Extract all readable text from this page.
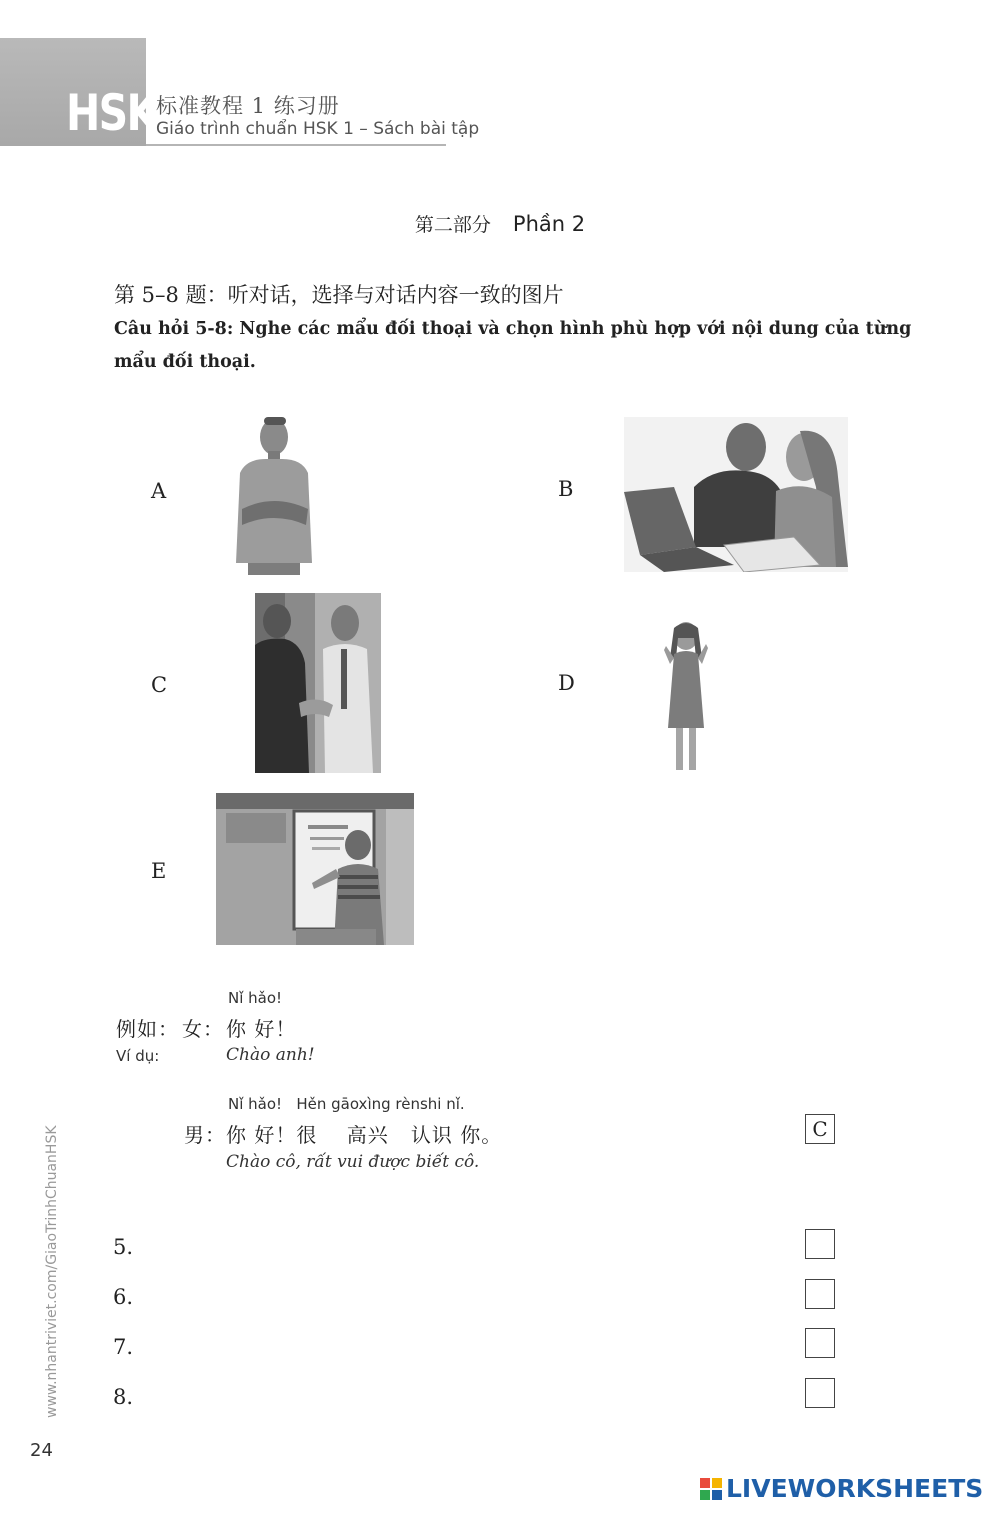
HSK 标准教程 1 练习册
Giáo trình chuẩn HSK 1 – Sách bài tập
第二部分 Phần 2
第 5–8 题：听对话，选择与对话内容一致的图片
Câu hỏi 5-8: Nghe các mẩu đối thoại và chọn hình phù hợp với nội dung của từng mẩu đối thoại.
A	B
C	D
E
Nǐ hǎo!
例如： 女： 你 好！
Ví dụ:	Chào anh!
Nǐ hǎo!   Hěn gāoxìng rènshi nǐ.
男： 你 好！很    高兴   认识 你。
Chào cô, rất vui được biết cô.
C
5.
6.
7.
8.
www.nhantriviet.com/GiaoTrinhChuanHSK
24
LIVEWORKSHEETS
